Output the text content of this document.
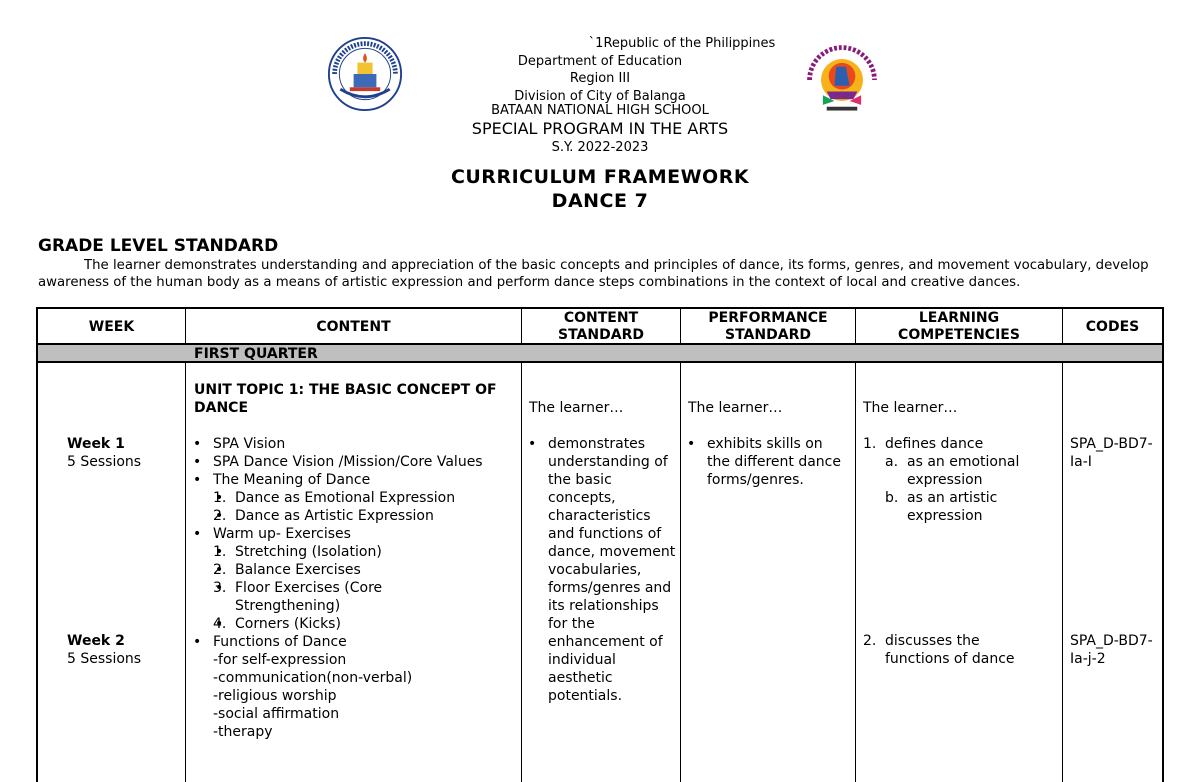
`1Republic of the Philippines
Department of Education
Region III
Division of City of Balanga
BATAAN NATIONAL HIGH SCHOOL
SPECIAL PROGRAM IN THE ARTS
S.Y. 2022-2023
CURRICULUM FRAMEWORK
DANCE 7
GRADE LEVEL STANDARD
The learner demonstrates understanding and appreciation of the basic concepts and principles of dance, its forms, genres, and movement vocabulary, develop awareness of the human body as a means of artistic expression and perform dance steps combinations in the context of local and creative dances.
WEEK	CONTENT
CONTENT STANDARD
PERFORMANCE STANDARD
LEARNING COMPETENCIES
CODES
FIRST QUARTER
Week 1
5 Sessions
Week 2
5 Sessions
UNIT TOPIC 1: THE BASIC CONCEPT OF DANCE
• SPA Vision
• SPA Dance Vision /Mission/Core Values
• The Meaning of Dance
• 1. Dance as Emotional Expression
• 2. Dance as Artistic Expression
• Warm up- Exercises
• 1. Stretching (Isolation)
• 2. Balance Exercises
• 3. Floor Exercises (Core Strengthening)
• 4. Corners (Kicks)
• Functions of Dance
-for self-expression
-communication(non-verbal)
-religious worship
-social affirmation
-therapy
The learner…
• demonstrates understanding of the basic concepts, characteristics and functions of dance, movement vocabularies, forms/genres and its relationships for the enhancement of individual aesthetic potentials.
The learner…
• exhibits skills on the different dance forms/genres.
The learner…
1. defines dance
a. as an emotional expression
b. as an artistic expression
2. discusses the functions of dance
SPA_D-BD7-Ia-I
SPA_D-BD7-Ia-j-2
